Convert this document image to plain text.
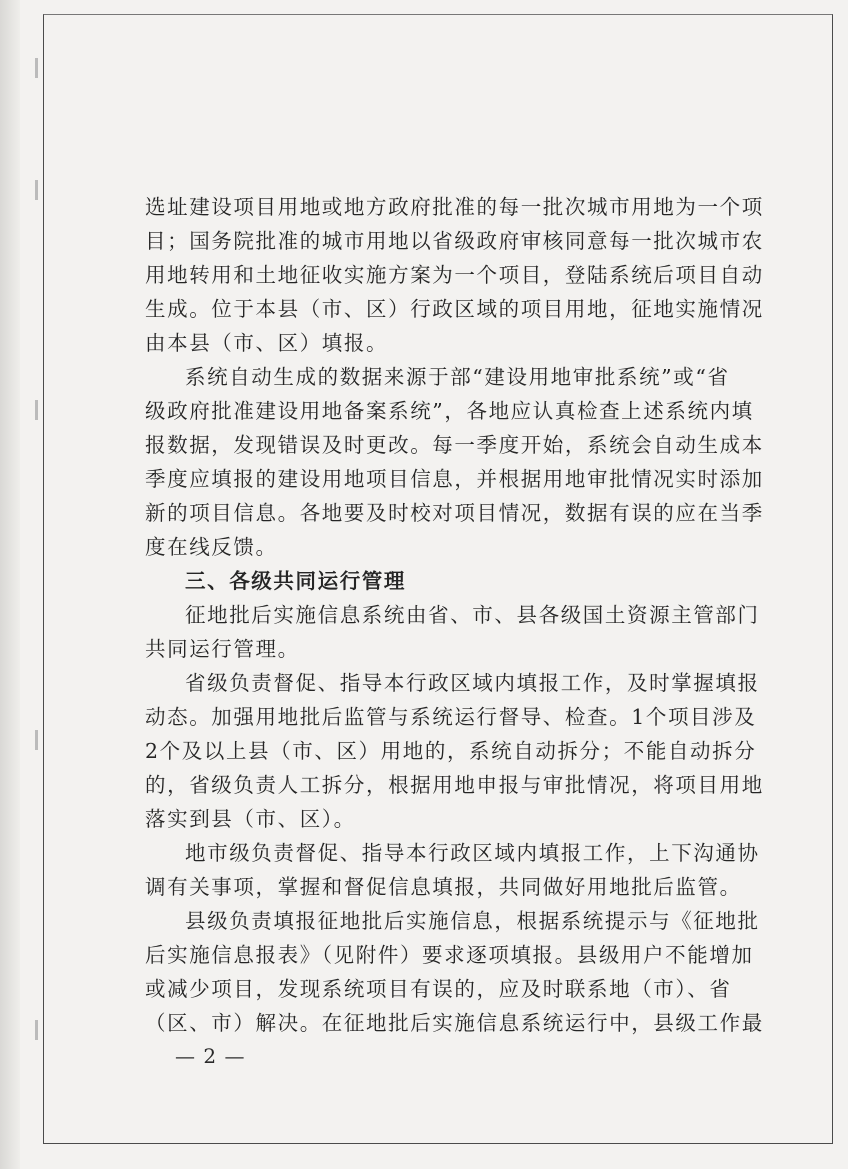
选址建设项目用地或地方政府批准的每一批次城市用地为一个项
目；国务院批准的城市用地以省级政府审核同意每一批次城市农
用地转用和土地征收实施方案为一个项目，登陆系统后项目自动
生成。位于本县（市、区）行政区域的项目用地，征地实施情况
由本县（市、区）填报。
系统自动生成的数据来源于部“建设用地审批系统”或“省
级政府批准建设用地备案系统”，各地应认真检查上述系统内填
报数据，发现错误及时更改。每一季度开始，系统会自动生成本
季度应填报的建设用地项目信息，并根据用地审批情况实时添加
新的项目信息。各地要及时校对项目情况，数据有误的应在当季
度在线反馈。
三、各级共同运行管理
征地批后实施信息系统由省、市、县各级国土资源主管部门
共同运行管理。
省级负责督促、指导本行政区域内填报工作，及时掌握填报
动态。加强用地批后监管与系统运行督导、检查。1个项目涉及
2个及以上县（市、区）用地的，系统自动拆分；不能自动拆分
的，省级负责人工拆分，根据用地申报与审批情况，将项目用地
落实到县（市、区）。
地市级负责督促、指导本行政区域内填报工作，上下沟通协
调有关事项，掌握和督促信息填报，共同做好用地批后监管。
县级负责填报征地批后实施信息，根据系统提示与《征地批
后实施信息报表》（见附件）要求逐项填报。县级用户不能增加
或减少项目，发现系统项目有误的，应及时联系地（市）、省
（区、市）解决。在征地批后实施信息系统运行中，县级工作最
— 2 —
